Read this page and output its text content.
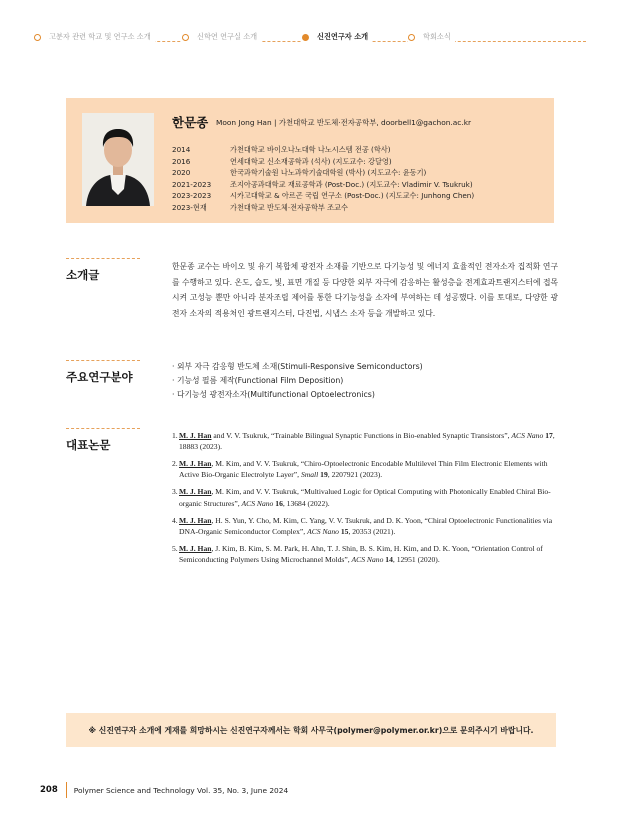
고분자 관련 학교 및 연구소 소개	신학연 연구실 소개	신진연구자 소개	학회소식
한문종 Moon Jong Han | 가천대학교 반도체·전자공학부, doorbell1@gachon.ac.kr
2014	가천대학교 바이오나노대학 나노시스템 전공 (학사)
2016	연세대학교 신소재공학과 (석사) (지도교수: 강달영)
2020	한국과학기술원 나노과학기술대학원 (박사) (지도교수: 윤동기)
2021-2023	조지아공과대학교 재료공학과 (Post-Doc.) (지도교수: Vladimir V. Tsukruk)
2023-2023	시카고대학교 & 아르곤 국립 연구소 (Post-Doc.) (지도교수: Junhong Chen)
2023-현재	가천대학교 반도체·전자공학부 조교수
소개글
한문종 교수는 바이오 및 유기 복합체 광전자 소재를 기반으로 다기능성 및 에너지 효율적인 전자소자 집적화 연구를 수행하고 있다. 온도, 습도, 빛, 표면 개질 등 다양한 외부 자극에 감응하는 활성층을 전계효과트랜지스터에 접목시켜 고성능 뿐만 아니라 분자조립 제어를 통한 다기능성을 소자에 부여하는 데 성공했다. 이를 토대로, 다양한 광전자 소자의 적용처인 광트랜지스터, 다진법, 시냅스 소자 등을 개발하고 있다.
주요연구분야
· 외부 자극 감응형 반도체 소재(Stimuli-Responsive Semiconductors)
· 기능성 필름 제작(Functional Film Deposition)
· 다기능성 광전자소자(Multifunctional Optoelectronics)
대표논문
1. M. J. Han and V. V. Tsukruk, “Trainable Bilingual Synaptic Functions in Bio-enabled Synaptic Transistors”, ACS Nano 17, 18883 (2023).
2. M. J. Han, M. Kim, and V. V. Tsukruk, “Chiro-Optoelectronic Encodable Multilevel Thin Film Electronic Elements with Active Bio-Organic Electrolyte Layer”, Small 19, 2207921 (2023).
3. M. J. Han, M. Kim, and V. V. Tsukruk, “Multivalued Logic for Optical Computing with Photonically Enabled Chiral Bio-organic Structures”, ACS Nano 16, 13684 (2022).
4. M. J. Han, H. S. Yun, Y. Cho, M. Kim, C. Yang, V. V. Tsukruk, and D. K. Yoon, “Chiral Optoelectronic Functionalities via DNA-Organic Semiconductor Complex”, ACS Nano 15, 20353 (2021).
5. M. J. Han, J. Kim, B. Kim, S. M. Park, H. Ahn, T. J. Shin, B. S. Kim, H. Kim, and D. K. Yoon, “Orientation Control of Semiconducting Polymers Using Microchannel Molds”, ACS Nano 14, 12951 (2020).
※ 신진연구자 소개에 게재를 희망하시는 신진연구자께서는 학회 사무국(polymer@polymer.or.kr)으로 문의주시기 바랍니다.
208	Polymer Science and Technology Vol. 35, No. 3, June 2024
